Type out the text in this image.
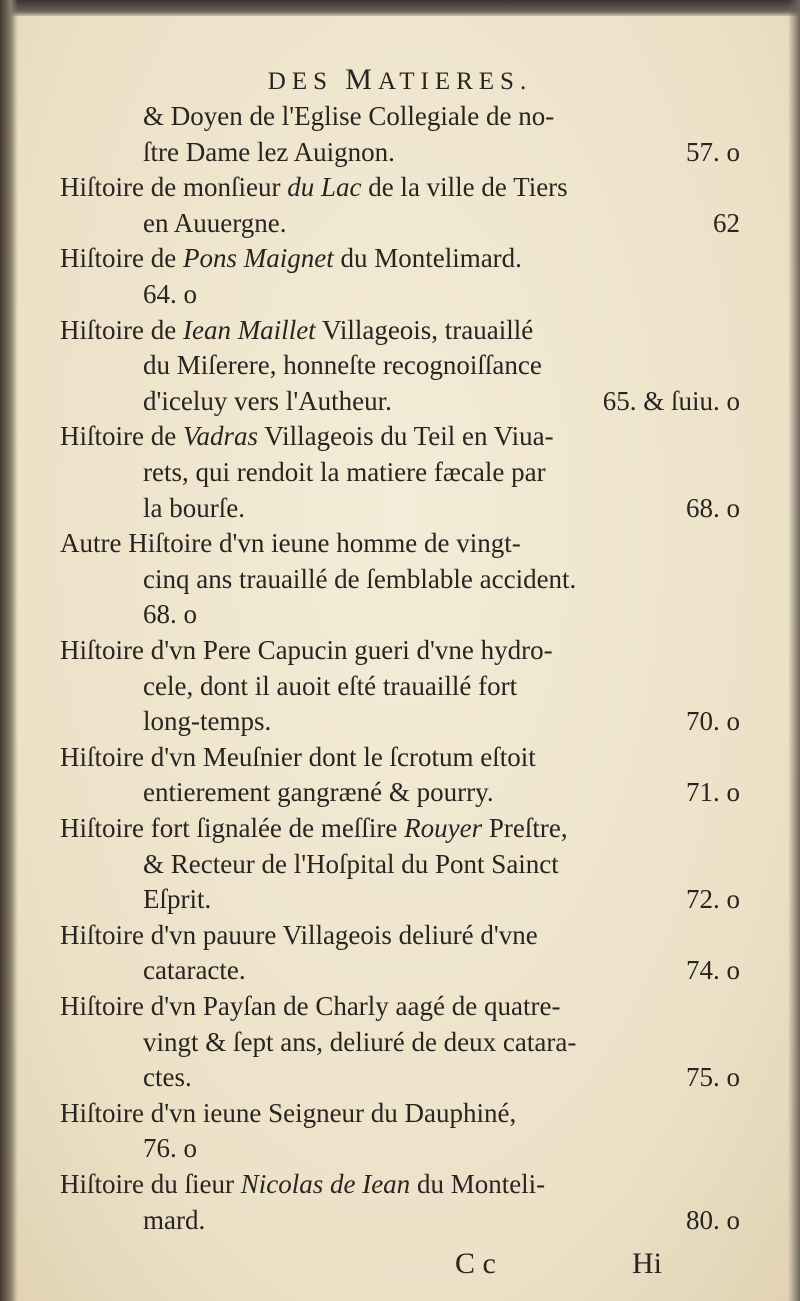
DES MATIERES.
& Doyen de l'Eglise Collegiale de no-
ſtre Dame lez Auignon.	57. o
Hiſtoire de monſieur du Lac de la ville de Tiers
en Auuergne.	62
Hiſtoire de Pons Maignet du Montelimard.
64. o
Hiſtoire de Iean Maillet Villageois, trauaillé
du Miſerere, honneſte recognoiſſance
d'iceluy vers l'Autheur.	65. & ſuiu. o
Hiſtoire de Vadras Villageois du Teil en Viua-
rets, qui rendoit la matiere fæcale par
la bourſe.	68. o
Autre Hiſtoire d'vn ieune homme de vingt-
cinq ans trauaillé de ſemblable accident.
68. o
Hiſtoire d'vn Pere Capucin gueri d'vne hydro-
cele, dont il auoit eſté trauaillé fort
long-temps.	70. o
Hiſtoire d'vn Meuſnier dont le ſcrotum eſtoit
entierement gangræné & pourry.	71. o
Hiſtoire fort ſignalée de meſſire Rouyer Preſtre,
& Recteur de l'Hoſpital du Pont Sainct
Eſprit.	72. o
Hiſtoire d'vn pauure Villageois deliuré d'vne
cataracte.	74. o
Hiſtoire d'vn Payſan de Charly aagé de quatre-
vingt & ſept ans, deliuré de deux catara-
ctes.	75. o
Hiſtoire d'vn ieune Seigneur du Dauphiné,
76. o
Hiſtoire du ſieur Nicolas de Iean du Monteli-
mard.	80. o
C c	Hi
